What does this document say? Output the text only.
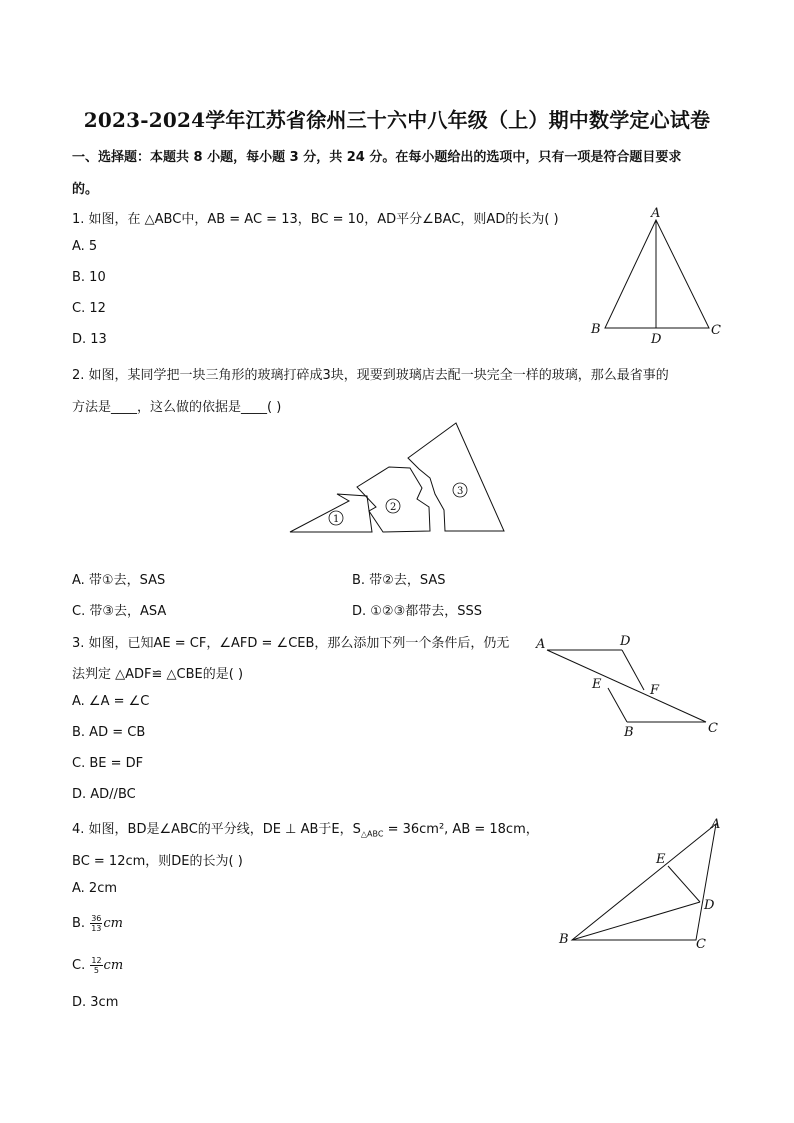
2023-2024学年江苏省徐州三十六中八年级（上）期中数学定心试卷
一、选择题：本题共 8 小题，每小题 3 分，共 24 分。在每小题给出的选项中，只有一项是符合题目要求
的。
1. 如图，在 △ABC中，AB = AC = 13，BC = 10，AD平分∠BAC，则AD的长为( )
A. 5
B. 10
C. 12
D. 13
A
B	C
D
2. 如图，某同学把一块三角形的玻璃打碎成3块，现要到玻璃店去配一块完全一样的玻璃，那么最省事的
方法是____，这么做的依据是____( )
1
2
3
A. 带①去，SAS	B. 带②去，SAS
C. 带③去，ASA	D. ①②③都带去，SSS
3. 如图，已知AE = CF，∠AFD = ∠CEB，那么添加下列一个条件后，仍无
法判定 △ADF≌ △CBE的是( )
A. ∠A = ∠C
B. AD = CB
C. BE = DF
D. AD//BC
A	D
E	F
B	C
4. 如图，BD是∠ABC的平分线，DE ⊥ AB于E，$S_{\triangle ABC} = 36cm^2$, AB = 18cm，
BC = 12cm，则DE的长为( )
A. 2cm
B. $\frac{36}{13}$ cm
C. $\frac{12}{5}$ cm
D. 3cm
A
E
D
B	C
